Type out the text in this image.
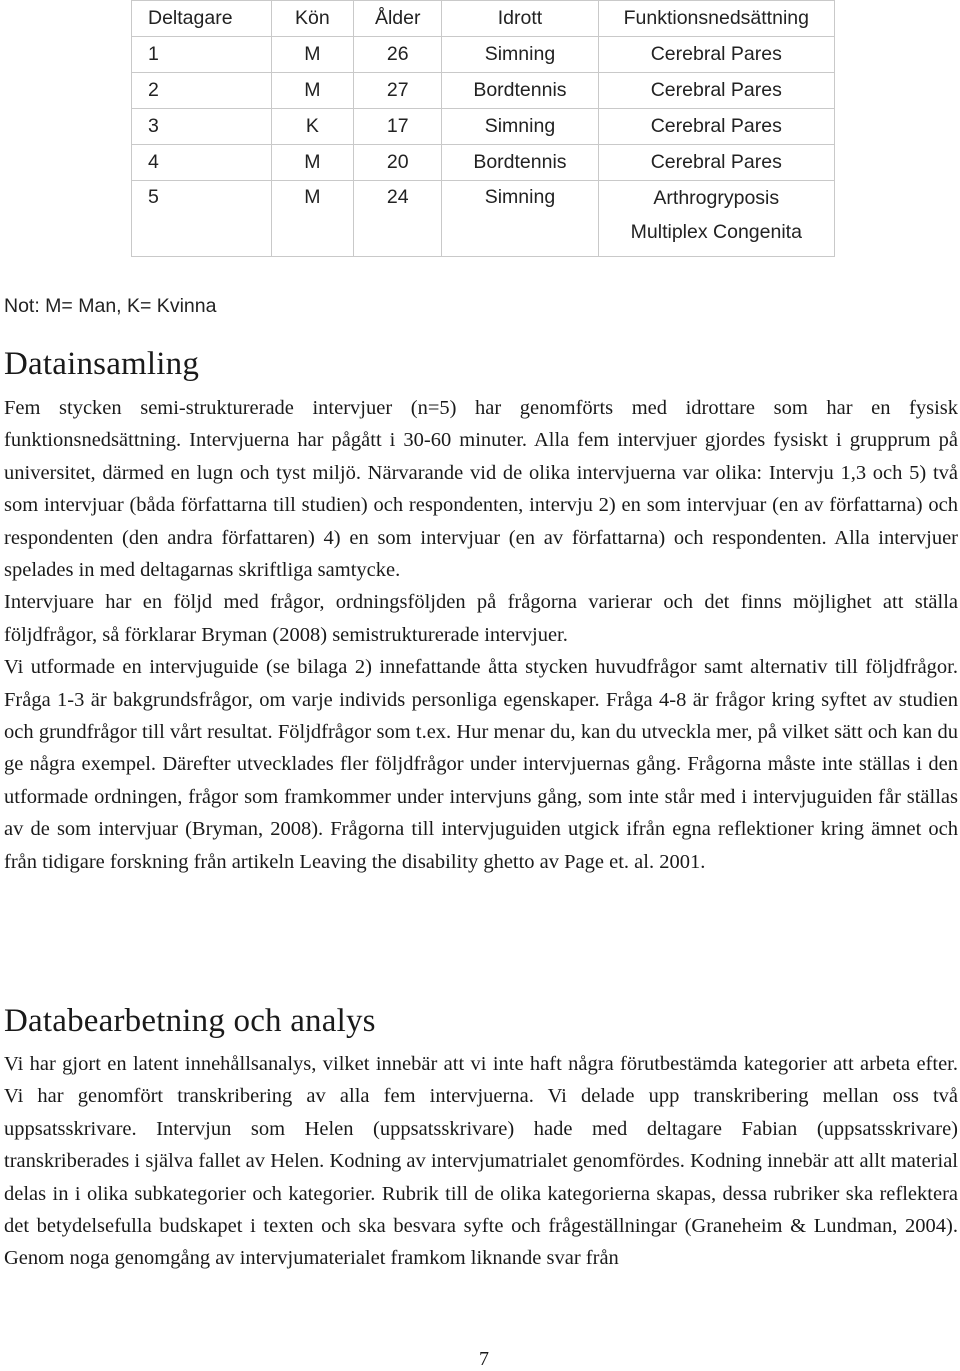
Deltagare	Kön	Ålder	Idrott	Funktionsnedsättning
1	M	26	Simning	Cerebral Pares
2	M	27	Bordtennis	Cerebral Pares
3	K	17	Simning	Cerebral Pares
4	M	20	Bordtennis	Cerebral Pares
5	M	24	Simning	Arthrogryposis
Multiplex Congenita
Not: M= Man, K= Kvinna
Datainsamling

Fem stycken semi-strukturerade intervjuer (n=5) har genomförts med idrottare som har en fysisk funktionsnedsättning. Intervjuerna har pågått i 30-60 minuter. Alla fem intervjuer gjordes fysiskt i grupprum på universitet, därmed en lugn och tyst miljö. Närvarande vid de olika intervjuerna var olika: Intervju 1,3 och 5) två som intervjuar (båda författarna till studien) och respondenten, intervju 2) en som intervjuar (en av författarna) och respondenten (den andra författaren) 4) en som intervjuar (en av författarna) och respondenten. Alla intervjuer spelades in med deltagarnas skriftliga samtycke.

Intervjuare har en följd med frågor, ordningsföljden på frågorna varierar och det finns möjlighet att ställa följdfrågor, så förklarar Bryman (2008) semistrukturerade intervjuer.

Vi utformade en intervjuguide (se bilaga 2) innefattande åtta stycken huvudfrågor samt alternativ till följdfrågor. Fråga 1-3 är bakgrundsfrågor, om varje individs personliga egenskaper. Fråga 4-8 är frågor kring syftet av studien och grundfrågor till vårt resultat. Följdfrågor som t.ex. Hur menar du, kan du utveckla mer, på vilket sätt och kan du ge några exempel. Därefter utvecklades fler följdfrågor under intervjuernas gång. Frågorna måste inte ställas i den utformade ordningen, frågor som framkommer under intervjuns gång, som inte står med i intervjuguiden får ställas av de som intervjuar (Bryman, 2008). Frågorna till intervjuguiden utgick ifrån egna reflektioner kring ämnet och från tidigare forskning från artikeln Leaving the disability ghetto av Page et. al. 2001.

Databearbetning och analys

Vi har gjort en latent innehållsanalys, vilket innebär att vi inte haft några förutbestämda kategorier att arbeta efter. Vi har genomfört transkribering av alla fem intervjuerna. Vi delade upp transkribering mellan oss två uppsatsskrivare. Intervjun som Helen (uppsatsskrivare) hade med deltagare Fabian (uppsatsskrivare) transkriberades i själva fallet av Helen. Kodning av intervjumatrialet genomfördes. Kodning innebär att allt material delas in i olika subkategorier och kategorier. Rubrik till de olika kategorierna skapas, dessa rubriker ska reflektera det betydelsefulla budskapet i texten och ska besvara syfte och frågeställningar (Graneheim & Lundman, 2004). Genom noga genomgång av intervjumaterialet framkom liknande svar från

7
